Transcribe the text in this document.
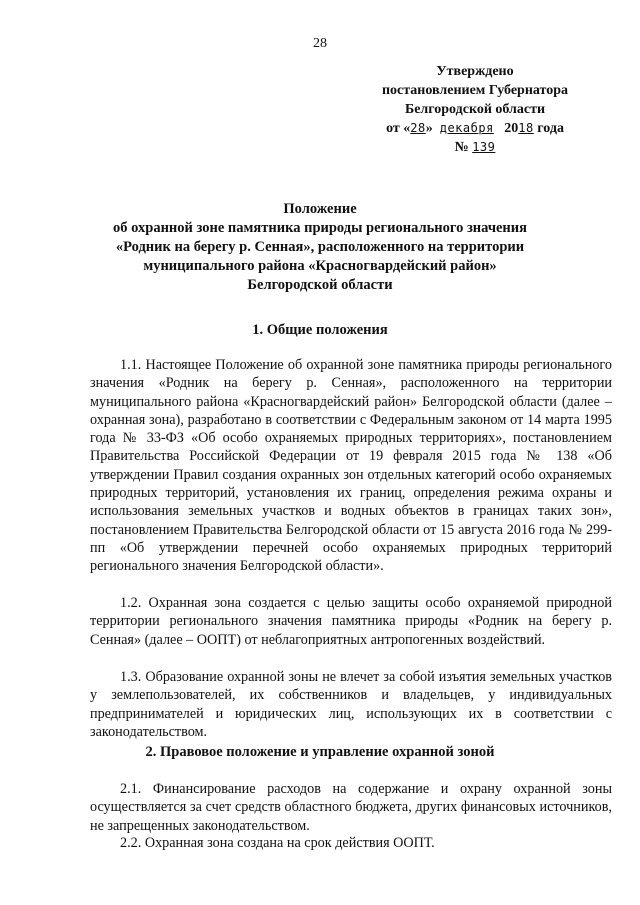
28
Утверждено
постановлением Губернатора
Белгородской области
от «28» декабря 2018 года
№ 139
Положение
об охранной зоне памятника природы регионального значения
«Родник на берегу р. Сенная», расположенного на территории
муниципального района «Красногвардейский район»
Белгородской области
1. Общие положения

1.1. Настоящее Положение об охранной зоне памятника природы регионального значения «Родник на берегу р. Сенная», расположенного на территории муниципального района «Красногвардейский район» Белгородской области (далее – охранная зона), разработано в соответствии с Федеральным законом от 14 марта 1995 года № 33-ФЗ «Об особо охраняемых природных территориях», постановлением Правительства Российской Федерации от 19 февраля 2015 года № 138 «Об утверждении Правил создания охранных зон отдельных категорий особо охраняемых природных территорий, установления их границ, определения режима охраны и использования земельных участков и водных объектов в границах таких зон», постановлением Правительства Белгородской области от 15 августа 2016 года № 299-пп «Об утверждении перечней особо охраняемых природных территорий регионального значения Белгородской области».

1.2. Охранная зона создается с целью защиты особо охраняемой природной территории регионального значения памятника природы «Родник на берегу р. Сенная» (далее – ООПТ) от неблагоприятных антропогенных воздействий.

1.3. Образование охранной зоны не влечет за собой изъятия земельных участков у землепользователей, их собственников и владельцев, у индивидуальных предпринимателей и юридических лиц, использующих их в соответствии с законодательством.

2. Правовое положение и управление охранной зоной

2.1. Финансирование расходов на содержание и охрану охранной зоны осуществляется за счет средств областного бюджета, других финансовых источников, не запрещенных законодательством.

2.2. Охранная зона создана на срок действия ООПТ.
